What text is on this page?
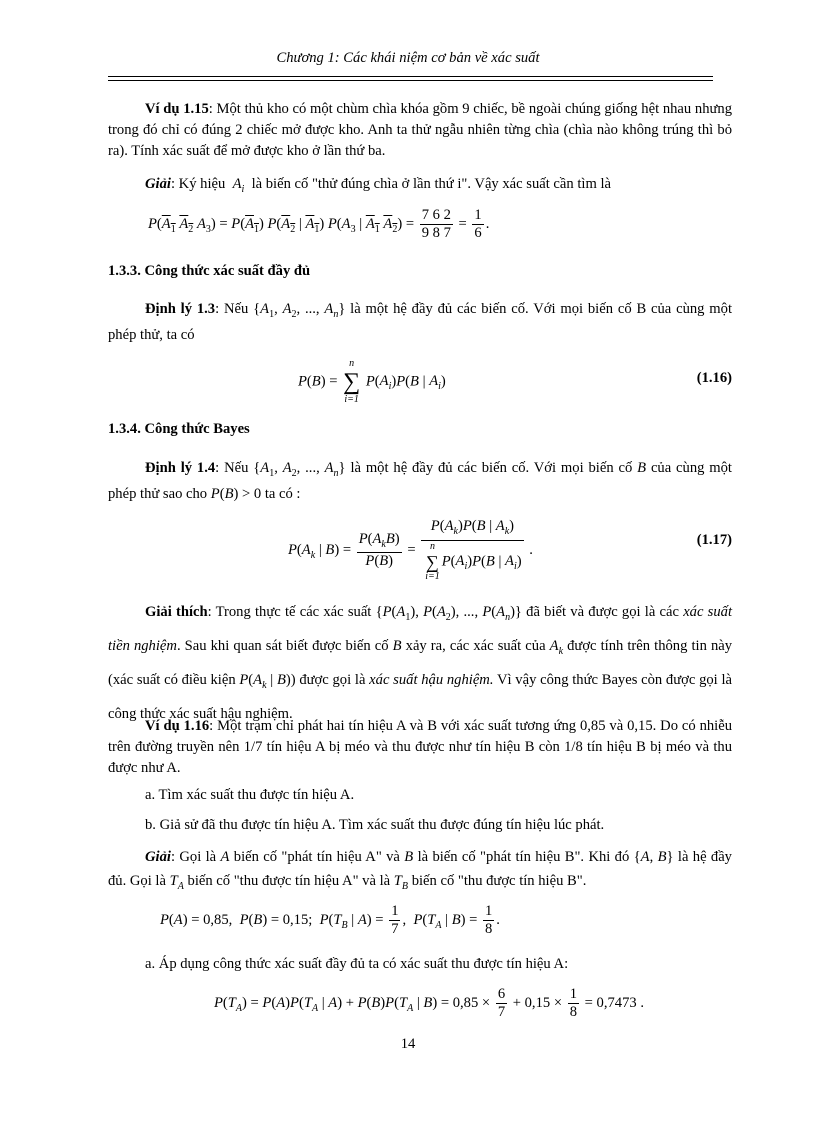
Chương 1: Các khái niệm cơ bản về xác suất
Ví dụ 1.15: Một thủ kho có một chùm chìa khóa gồm 9 chiếc, bề ngoài chúng giống hệt nhau nhưng trong đó chỉ có đúng 2 chiếc mở được kho. Anh ta thử ngẫu nhiên từng chìa (chìa nào không trúng thì bỏ ra). Tính xác suất để mở được kho ở lần thứ ba.
Giải: Ký hiệu $A_i$ là biến cố "thử đúng chìa ở lần thứ i". Vậy xác suất cần tìm là
$P(A_1$ $A_2$ $A_3) = P(A_1)$ $P(A_2$ | $A_1$) $P(A_3$ | $A_1$ $A_2) = \frac{7 6 2}{9 8 7} = \frac{1}{6}$ .
1.3.3. Công thức xác suất đầy đủ
Định lý 1.3: Nếu {$A_1$, $A_2$, ..., $A_n$} là một hệ đầy đủ các biến cố. Với mọi biến cố B của cùng một phép thử, ta có
P(B) =
n
∑
i=1
$P(A_i)P(B$ | $A_i$)	(1.16)
1.3.4. Công thức Bayes
Định lý 1.4: Nếu {$A_1$, $A_2$, ..., $A_n$} là một hệ đầy đủ các biến cố. Với mọi biến cố B của cùng một phép thử sao cho P(B) > 0 ta có :
$P(A_k$ | $B) = \frac{P(A_kB)}{P(B)} = P(A_k)P(B$ | $A_k$)
n
∑
i=1
$P(A_i)P(B$ | $A_i$) .
(1.17)
Giải thích: Trong thực tế các xác suất {$P(A_1)$, $P(A_2)$, ..., $P(A_n)$} đã biết và được gọi là các xác suất tiền nghiệm. Sau khi quan sát biết được biến cố B xảy ra, các xác suất của $A_k$ được tính trên thông tin này (xác suất có điều kiện $P(A_k$ | B)) được gọi là xác suất hậu nghiệm. Vì vậy công thức Bayes còn được gọi là công thức xác suất hậu nghiệm.
Ví dụ 1.16: Một trạm chỉ phát hai tín hiệu A và B với xác suất tương ứng 0,85 và 0,15. Do có nhiễu trên đường truyền nên 1/7 tín hiệu A bị méo và thu được như tín hiệu B còn 1/8 tín hiệu B bị méo và thu được như A.
a. Tìm xác suất thu được tín hiệu A.
b. Giả sử đã thu được tín hiệu A. Tìm xác suất thu được đúng tín hiệu lúc phát.
Giải: Gọi là A biến cố "phát tín hiệu A" và B là biến cố "phát tín hiệu B". Khi đó {A, B} là hệ đầy đủ. Gọi là $T_A$ biến cố "thu được tín hiệu A" và là $T_B$ biến cố "thu được tín hiệu B".
P(A) = 0,85,  P(B) = 0,15;  $P(T_B$ | $A) = \frac{1}{7}$ ,  $P(T_A$ | $B) = \frac{1}{8}$ .
a. Áp dụng công thức xác suất đầy đủ ta có xác suất thu được tín hiệu A:
$P(T_A) = P(A)P(T_A$ | $A) + P(B)P(T_A$ | $B) = 0,85 \times \frac{6}{7} + 0,15 \times \frac{1}{8} = 0,7473$ .
14
